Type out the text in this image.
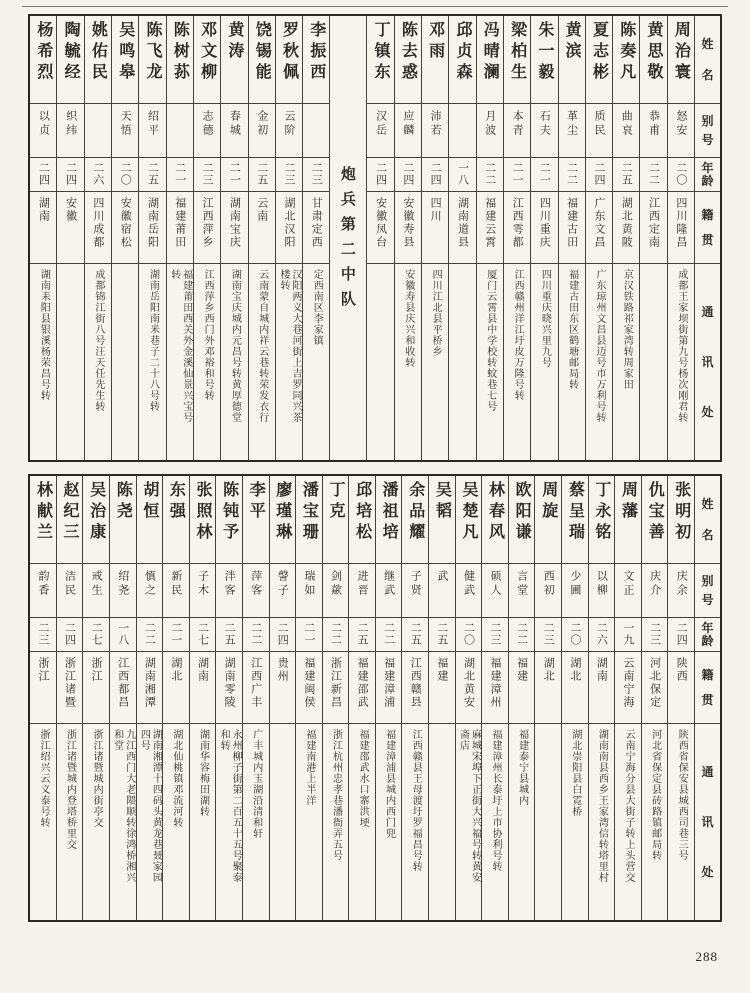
姓
名
别
号
年
龄
籍
贯
通
讯
处
周治寰
怒安
二〇
四川隆昌
成都王家坝街第九号杨次刚君转
黄思敬
恭甫
二二
江西定南
陈奏凡
曲哀
二五
湖北黄陂
京汉铁路祁家湾转周家田
夏志彬
质民
二四
广东文昌
广东琼州文昌县迈号市万利号转
黄滨
革尘
二二
福建古田
福建古田东区鹤塘邮局转
朱一毅
石夫
二一
四川重庆
四川重庆晓兴里九号
梁柏生
本青
二一
江西雩都
江西赣州洋江圩皮万隆号转
冯晴澜
月波
二二
福建云霄
厦门云霄县中学校转蚊巷七号
邱贞森
一八
湖南道县
邓雨
沛若
二四
四川
四川江北县平桥乡
陈去惑
应麟
二四
安徽寿县
安徽寿县庆兴和收转
丁镇东
汉岳
二四
安徽凤台
炮
兵
第
二
中
队
李振西
二三
甘肃定西
定西南区李家镇
罗秋佩
云阶
二三
湖北汉阳
汉阳两义大巷河街上吉罗同兴茶楼转
饶锡能
金初
二五
云南
云南蒙自城内祥云巷转荣发衣行
黄涛
春城
二一
湖南宝庆
湖南宝庆城内元昌号转黄厚德堂
邓文柳
志德
二三
江西萍乡
江西萍乡西门外邓裕和号转
陈树荪
二一
福建莆田
福建莆田西关外金溪仙景兴宝号转
陈飞龙
绍平
二五
湖南岳阳
湖南岳阳南米巷子二十八号转
吴鸣皋
天悟
二〇
安徽宿松
姚佑民
二六
四川成都
成都锦江街八号汪天任先生转
陶毓经
织纬
二四
安徽
杨希烈
以贞
二四
湖南
湖南耒阳县银溪杨荣昌号转
姓
名
别
号
年
龄
籍
贯
通
讯
处
张明初
庆余
二四
陕西
陕西省保安县城西司巷三号
仇宝善
庆介
二三
河北保定
河北省保定县砖路镇邮局转
周藩
文正
一九
云南宁海
云南宁海分县大街子转上头营交
丁永铭
以柳
二六
湖南
湖南南县西乡王家湾信转塔里村
蔡呈瑞
少圃
二〇
湖北
湖北崇阳县白霓桥
周旋
西初
二三
湖北
欧阳谦
言堂
二二
福建
福建泰宁县城内
林春风
硕人
二三
福建漳州
福建漳州长泰圩上市协利号转
吴楚凡
健武
二〇
湖北黄安
麻城宋埠下正街大兴福号转黄安斋店
吴韬
武
二五
福建
余品耀
子贤
二五
江西赣县
江西赣县王母渡圩罗福昌号转
潘祖培
继武
二二
福建漳浦
福建漳浦县城内西门兜
邱培松
进晋
二五
福建邵武
福建邵武水口寨洪埂
丁克
剑歘
二二
浙江新昌
浙江杭州忠孝巷潘衙弄五号
潘宝珊
瑞如
二一
福建闽侯
福建南港上半洋
廖瑾琳
謦子
二四
贵州
李平
萍客
二二
江西广丰
广丰城内玉湖沿清和轩
陈钝予
泮客
二五
湖南零陵
永州柳子街第二百五十五号聚泰和转
张照林
子木
二七
湖南
湖南华容梅田湖转
东强
新民
二一
湖北
湖北仙桃镇邓流河转
胡恒
慎之
二二
湖南湘潭
湖南湘潭十四码头黄龙巷聂家园四号
陈尧
绍尧
一八
江西都昌
九江西门大老隈顺转徐鸿桥湘兴和堂
吴治康
戒生
二七
浙江
浙江诸暨城内街亭交
赵纪三
洁民
二四
浙江诸暨
浙江诸暨城内登塔桥里交
林献兰
韵香
二三
浙江
浙江绍兴云义泰号转
288
